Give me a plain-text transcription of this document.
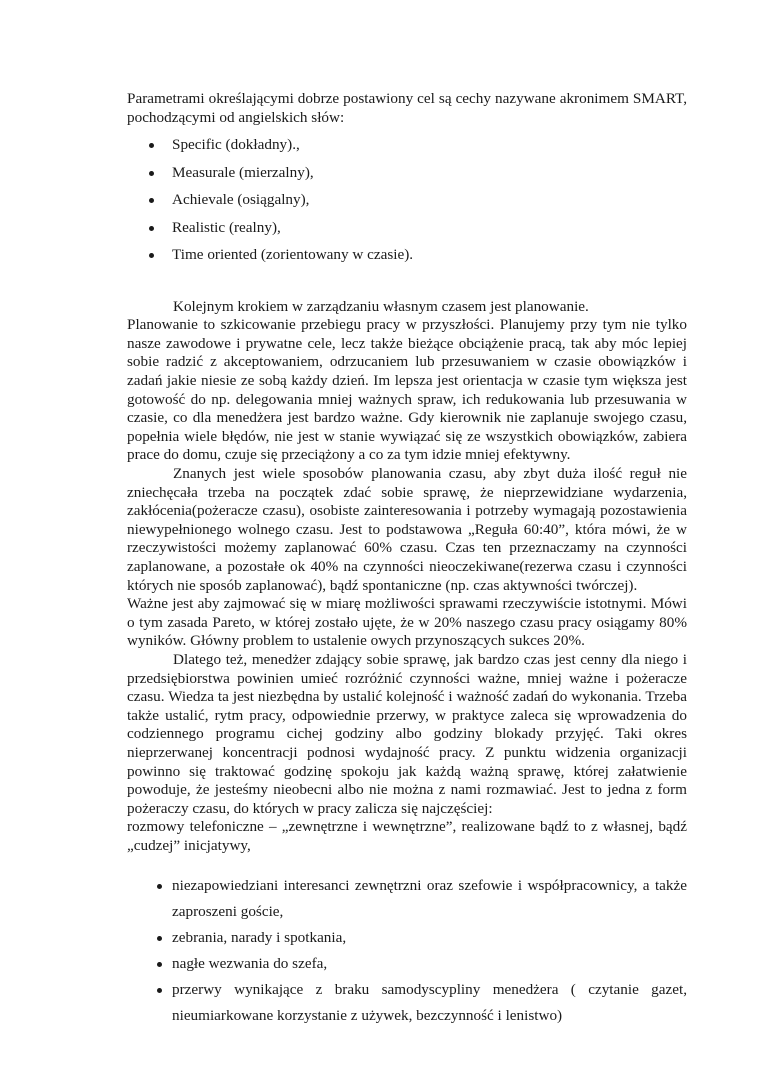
Parametrami określającymi dobrze postawiony cel są cechy nazywane akronimem SMART, pochodzącymi od angielskich słów:

Specific (dokładny).,
Measurale (mierzalny),
Achievale (osiągalny),
Realistic (realny),
Time oriented (zorientowany w czasie).

Kolejnym krokiem w zarządzaniu własnym czasem jest planowanie.

Planowanie to szkicowanie przebiegu pracy w przyszłości. Planujemy przy tym nie tylko nasze zawodowe i prywatne cele, lecz także bieżące obciążenie pracą, tak aby móc lepiej sobie radzić z akceptowaniem, odrzucaniem lub przesuwaniem w czasie obowiązków i zadań jakie niesie ze sobą każdy dzień. Im lepsza jest orientacja w czasie tym większa jest gotowość do np. delegowania mniej ważnych spraw, ich redukowania lub przesuwania w czasie, co dla menedżera jest bardzo ważne. Gdy kierownik nie zaplanuje swojego czasu, popełnia wiele błędów, nie jest w stanie wywiązać się ze wszystkich obowiązków, zabiera prace do domu, czuje się przeciążony a co za tym idzie mniej efektywny.

Znanych jest wiele sposobów planowania czasu, aby zbyt duża ilość reguł nie zniechęcała trzeba na początek zdać sobie sprawę, że nieprzewidziane wydarzenia, zakłócenia(pożeracze czasu), osobiste zainteresowania i potrzeby wymagają pozostawienia niewypełnionego wolnego czasu. Jest to podstawowa „Reguła 60:40”, która mówi, że w rzeczywistości możemy zaplanować 60% czasu. Czas ten przeznaczamy na czynności zaplanowane, a pozostałe ok 40% na czynności nieoczekiwane(rezerwa czasu i czynności których nie sposób zaplanować), bądź spontaniczne (np. czas aktywności twórczej).

Ważne jest aby zajmować się w miarę możliwości sprawami rzeczywiście istotnymi. Mówi o tym zasada Pareto, w której zostało ujęte, że w 20% naszego czasu pracy osiągamy 80% wyników. Główny problem to ustalenie owych przynoszących sukces 20%.

Dlatego też, menedżer zdający sobie sprawę, jak bardzo czas jest cenny dla niego i przedsiębiorstwa powinien umieć rozróżnić czynności ważne, mniej ważne i pożeracze czasu. Wiedza ta jest niezbędna by ustalić kolejność i ważność zadań do wykonania. Trzeba także ustalić, rytm pracy, odpowiednie przerwy, w praktyce zaleca się wprowadzenia do codziennego programu cichej godziny albo godziny blokady przyjęć. Taki okres nieprzerwanej koncentracji podnosi wydajność pracy. Z punktu widzenia organizacji powinno się traktować godzinę spokoju jak każdą ważną sprawę, której załatwienie powoduje, że jesteśmy nieobecni albo nie można z nami rozmawiać. Jest to jedna z form pożeraczy czasu, do których w pracy zalicza się najczęściej:

rozmowy telefoniczne – „zewnętrzne i wewnętrzne”, realizowane bądź to z własnej, bądź „cudzej” inicjatywy,

niezapowiedziani interesanci zewnętrzni oraz szefowie i współpracownicy, a także zaproszeni goście,
zebrania, narady i spotkania,
nagłe wezwania do szefa,
przerwy wynikające z braku samodyscypliny menedżera ( czytanie gazet, nieumiarkowane korzystanie z używek, bezczynność i lenistwo)
